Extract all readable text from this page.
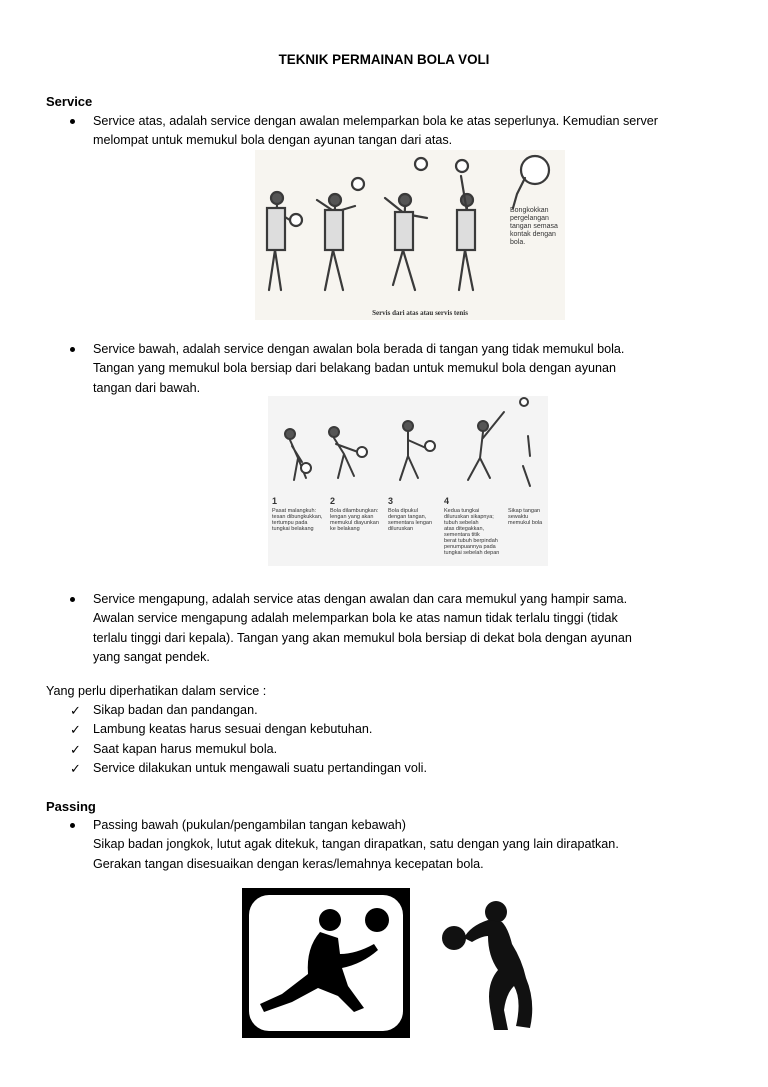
TEKNIK PERMAINAN BOLA VOLI
Service
Service atas, adalah service dengan awalan melemparkan bola ke atas seperlunya. Kemudian server
melompat untuk memukul bola dengan ayunan tangan dari atas.
Bongkokkan pergelangan tangan semasa kontak dengan bola.
Servis dari atas atau servis tenis
Service bawah, adalah service dengan awalan bola berada di tangan yang tidak memukul bola.
Tangan yang memukul bola bersiap dari belakang badan untuk memukul bola dengan ayunan
tangan dari bawah.
1
Pasat malangkuh: tesan dibungkukkan, tertumpu pada tungkai belakang
2
Bola dilambungkan: lengan yang akan memukul diayunkan ke belakang
3
Bola dipukul dengan tangan, sementara lengan diluruskan
4
Kedua tungkai diluruskan sikapnya; tubuh sebelah atas ditegakkan, sementara titik berat tubuh berpindah penumpuannya pada tungkai sebelah depan
Sikap tangan sewaktu memukul bola
Service mengapung, adalah service atas dengan awalan dan cara memukul yang hampir sama.
Awalan service mengapung adalah melemparkan bola ke atas namun tidak terlalu tinggi (tidak
terlalu tinggi dari kepala). Tangan yang akan memukul bola bersiap di dekat bola dengan ayunan
yang sangat pendek.
Yang perlu diperhatikan dalam service :
✓ Sikap badan dan pandangan.
✓ Lambung keatas harus sesuai dengan kebutuhan.
✓ Saat kapan harus memukul bola.
✓ Service dilakukan untuk mengawali suatu pertandingan voli.
Passing
Passing bawah (pukulan/pengambilan tangan kebawah)
Sikap badan jongkok, lutut agak ditekuk, tangan dirapatkan, satu dengan yang lain dirapatkan.
Gerakan tangan disesuaikan dengan keras/lemahnya kecepatan bola.
